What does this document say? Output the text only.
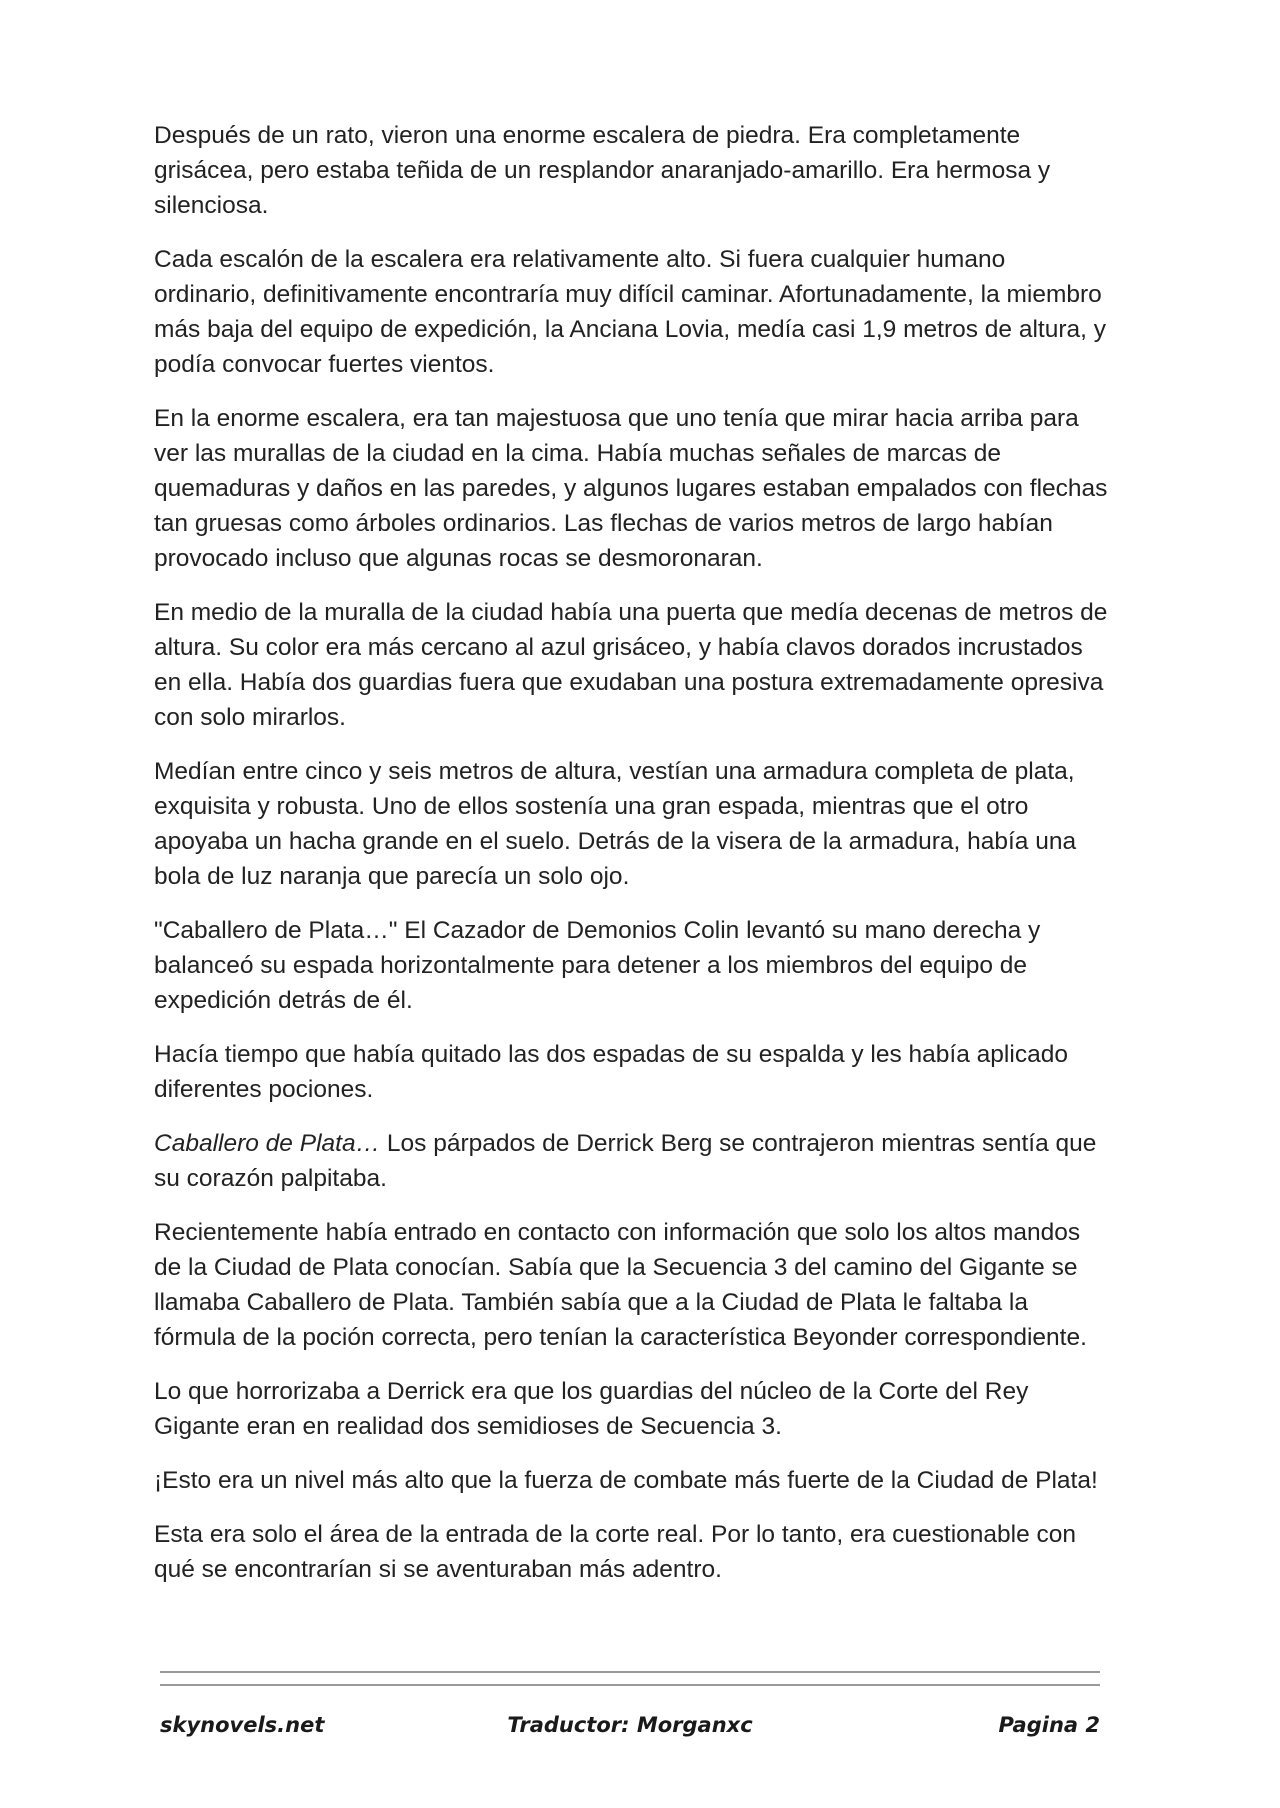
Después de un rato, vieron una enorme escalera de piedra. Era completamente grisácea, pero estaba teñida de un resplandor anaranjado-amarillo. Era hermosa y silenciosa.

Cada escalón de la escalera era relativamente alto. Si fuera cualquier humano ordinario, definitivamente encontraría muy difícil caminar. Afortunadamente, la miembro más baja del equipo de expedición, la Anciana Lovia, medía casi 1,9 metros de altura, y podía convocar fuertes vientos.

En la enorme escalera, era tan majestuosa que uno tenía que mirar hacia arriba para ver las murallas de la ciudad en la cima. Había muchas señales de marcas de quemaduras y daños en las paredes, y algunos lugares estaban empalados con flechas tan gruesas como árboles ordinarios. Las flechas de varios metros de largo habían provocado incluso que algunas rocas se desmoronaran.

En medio de la muralla de la ciudad había una puerta que medía decenas de metros de altura. Su color era más cercano al azul grisáceo, y había clavos dorados incrustados en ella. Había dos guardias fuera que exudaban una postura extremadamente opresiva con solo mirarlos.

Medían entre cinco y seis metros de altura, vestían una armadura completa de plata, exquisita y robusta. Uno de ellos sostenía una gran espada, mientras que el otro apoyaba un hacha grande en el suelo. Detrás de la visera de la armadura, había una bola de luz naranja que parecía un solo ojo.

"Caballero de Plata…" El Cazador de Demonios Colin levantó su mano derecha y balanceó su espada horizontalmente para detener a los miembros del equipo de expedición detrás de él.

Hacía tiempo que había quitado las dos espadas de su espalda y les había aplicado diferentes pociones.

Caballero de Plata… Los párpados de Derrick Berg se contrajeron mientras sentía que su corazón palpitaba.

Recientemente había entrado en contacto con información que solo los altos mandos de la Ciudad de Plata conocían. Sabía que la Secuencia 3 del camino del Gigante se llamaba Caballero de Plata. También sabía que a la Ciudad de Plata le faltaba la fórmula de la poción correcta, pero tenían la característica Beyonder correspondiente.

Lo que horrorizaba a Derrick era que los guardias del núcleo de la Corte del Rey Gigante eran en realidad dos semidioses de Secuencia 3.

¡Esto era un nivel más alto que la fuerza de combate más fuerte de la Ciudad de Plata!

Esta era solo el área de la entrada de la corte real. Por lo tanto, era cuestionable con qué se encontrarían si se aventuraban más adentro.

skynovels.net	Traductor: Morganxc	Pagina 2
